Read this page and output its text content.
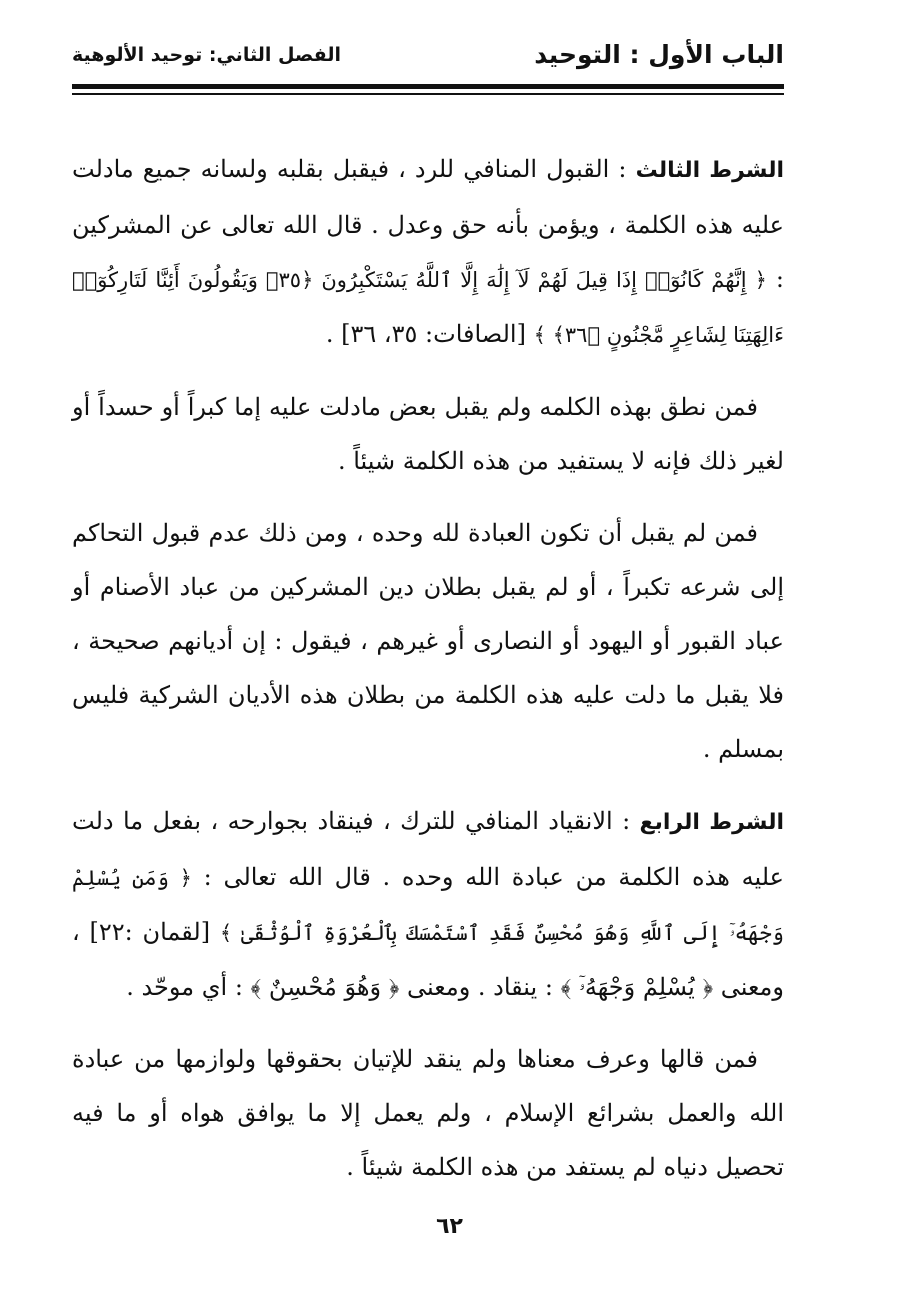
الباب الأول : التوحيد
الفصل الثاني: توحيد الألوهية

الشرط الثالث : القبول المنافي للرد ، فيقبل بقلبه ولسانه جميع مادلت عليه هذه الكلمة ، ويؤمن بأنه حق وعدل . قال الله تعالى عن المشركين : ﴿ إِنَّهُمْ كَانُوٓا۟ إِذَا قِيلَ لَهُمْ لَآ إِلَٰهَ إِلَّا ٱللَّهُ يَسْتَكْبِرُونَ ﴿٣٥﴾ وَيَقُولُونَ أَئِنَّا لَتَارِكُوٓا۟ ءَالِهَتِنَا لِشَاعِرٍ مَّجْنُونٍ ﴿٣٦﴾ ﴾ [الصافات: ٣٥، ٣٦] .

فمن نطق بهذه الكلمه ولم يقبل بعض مادلت عليه إما كبراً أو حسداً أو لغير ذلك فإنه لا يستفيد من هذه الكلمة شيئاً .

فمن لم يقبل أن تكون العبادة لله وحده ، ومن ذلك عدم قبول التحاكم إلى شرعه تكبراً ، أو لم يقبل بطلان دين المشركين من عباد الأصنام أو عباد القبور أو اليهود أو النصارى أو غيرهم ، فيقول : إن أديانهم صحيحة ، فلا يقبل ما دلت عليه هذه الكلمة من بطلان هذه الأديان الشركية فليس بمسلم .

الشرط الرابع : الانقياد المنافي للترك ، فينقاد بجوارحه ، بفعل ما دلت عليه هذه الكلمة من عبادة الله وحده . قال الله تعالى : ﴿ وَمَن يُسْلِمْ وَجْهَهُۥٓ إِلَى ٱللَّهِ وَهُوَ مُحْسِنٌ فَقَدِ ٱسْتَمْسَكَ بِٱلْعُرْوَةِ ٱلْوُثْقَىٰ ﴾ [لقمان :٢٢] ، ومعنى ﴿ يُسْلِمْ وَجْهَهُۥٓ ﴾ : ينقاد . ومعنى ﴿ وَهُوَ مُحْسِنٌ ﴾ : أي موحّد .

فمن قالها وعرف معناها ولم ينقد للإتيان بحقوقها ولوازمها من عبادة الله والعمل بشرائع الإسلام ، ولم يعمل إلا ما يوافق هواه أو ما فيه تحصيل دنياه لم يستفد من هذه الكلمة شيئاً .

٦٢
